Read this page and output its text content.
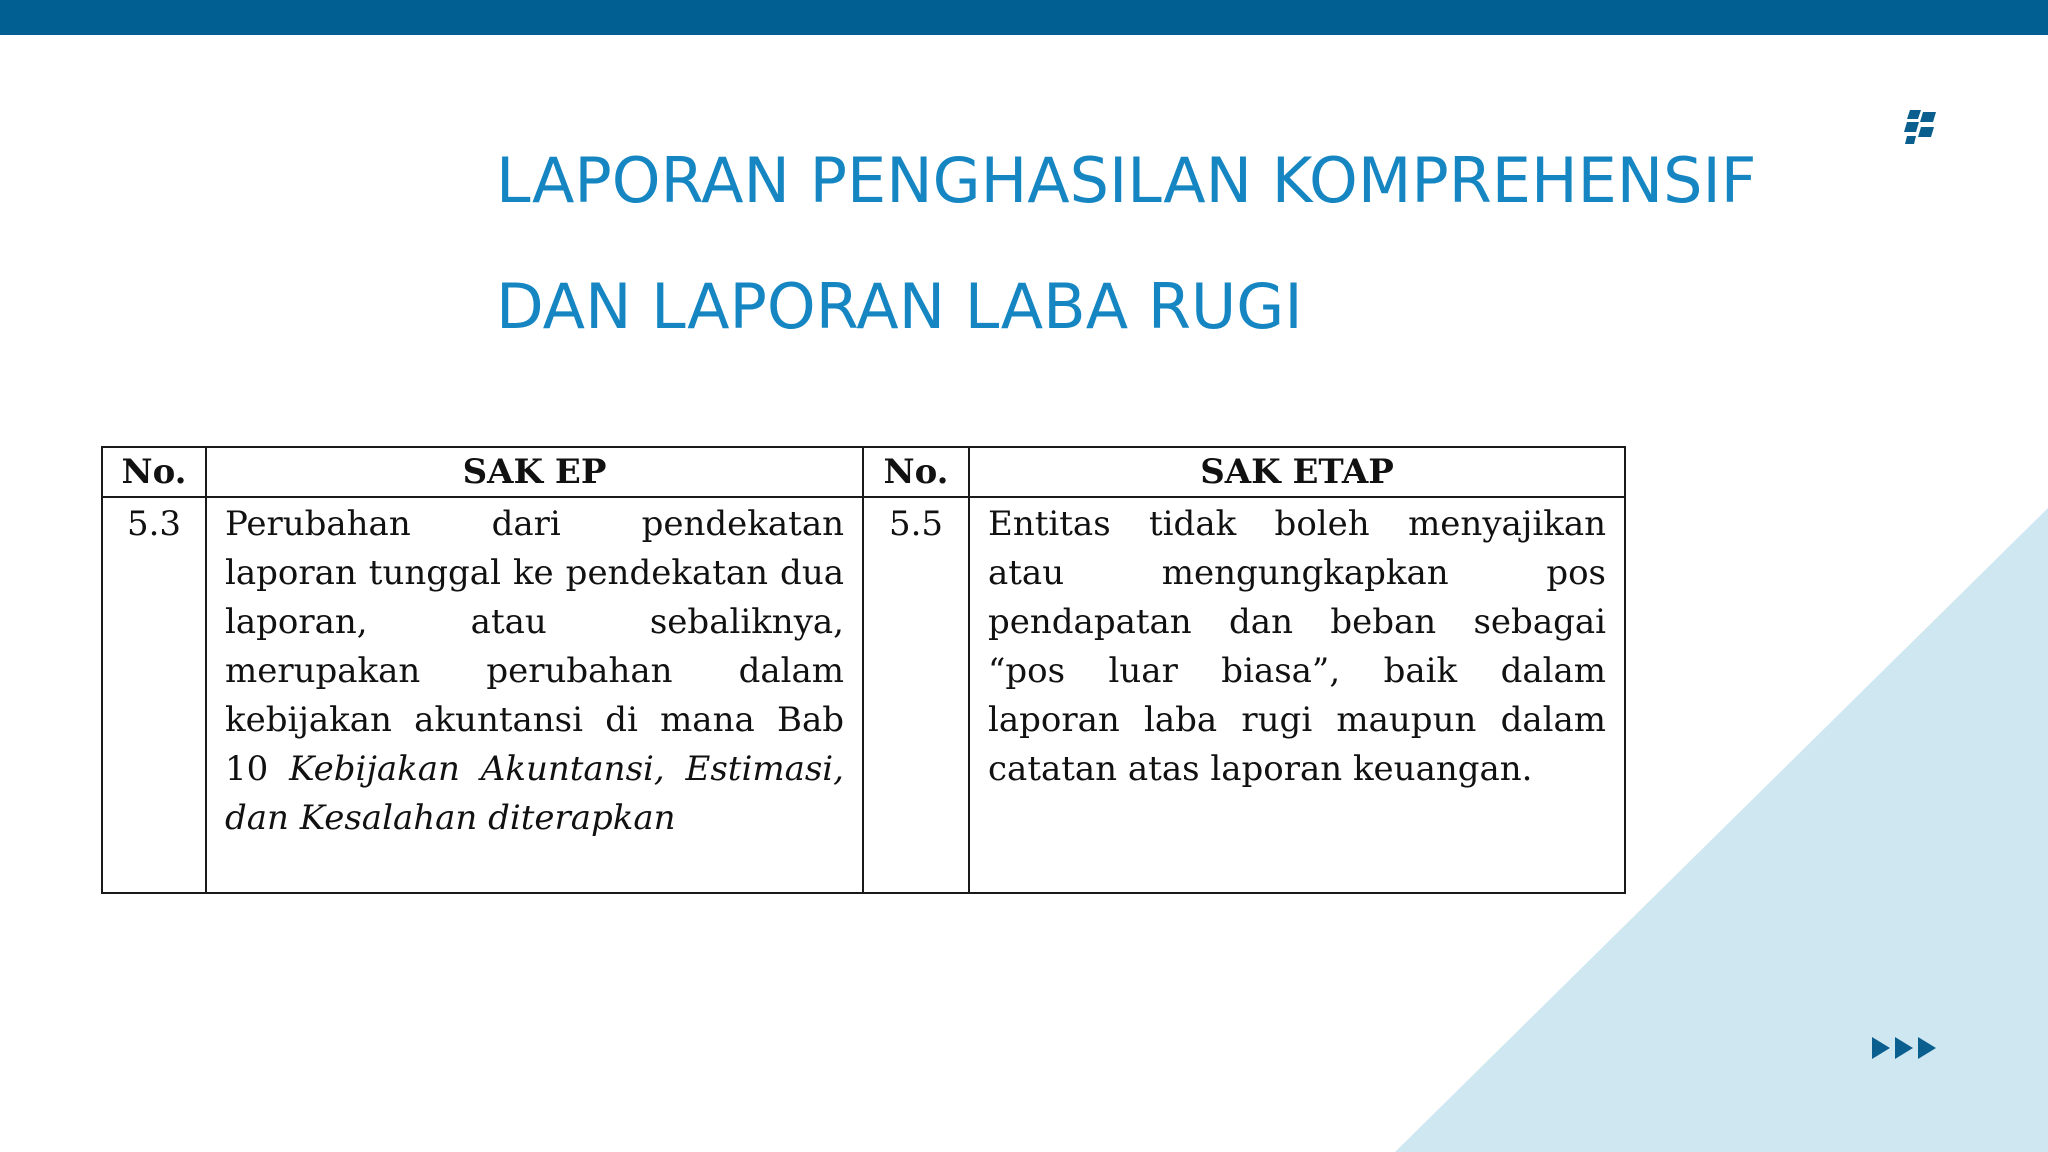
LAPORAN PENGHASILAN KOMPREHENSIF
DAN LAPORAN LABA RUGI
No.	SAK EP	No.	SAK ETAP
5.3	Perubahan dari pendekatan laporan tunggal ke pendekatan dua laporan, atau sebaliknya, merupakan perubahan dalam kebijakan akuntansi di mana Bab 10 Kebijakan Akuntansi, Estimasi, dan Kesalahan diterapkan	5.5	Entitas tidak boleh menyajikan atau mengungkapkan pos pendapatan dan beban sebagai “pos luar biasa”, baik dalam laporan laba rugi maupun dalam catatan atas laporan keuangan.
